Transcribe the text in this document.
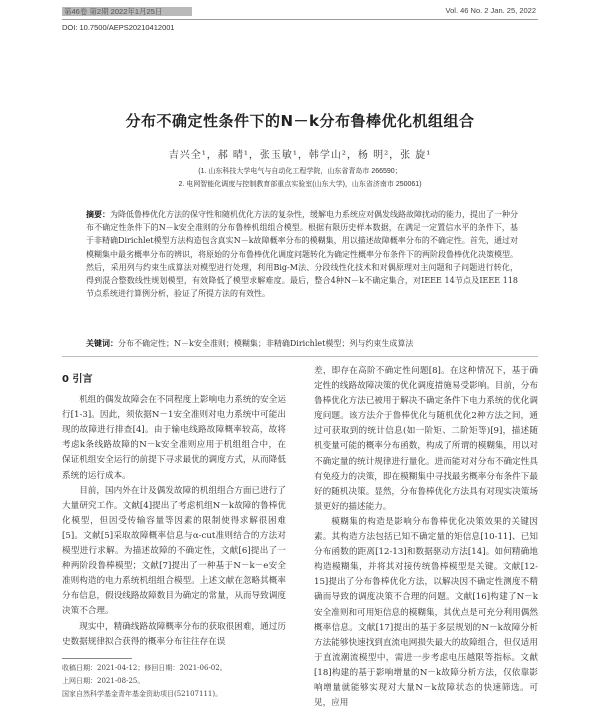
第46卷 第2期 2022年1月25日	Vol. 46 No. 2 Jan. 25, 2022
DOI: 10.7500/AEPS20210412001
分布不确定性条件下的N－k分布鲁棒优化机组组合
吉兴全¹，郝 晴¹，张玉敏¹，韩学山²，杨 明²，张 旋¹
(1. 山东科技大学电气与自动化工程学院，山东省青岛市 266590；
2. 电网智能化调度与控制教育部重点实验室(山东大学)，山东省济南市 250061)
摘要：为降低鲁棒优化方法的保守性和随机优化方法的复杂性，缓解电力系统应对偶发线路故障扰动的能力，提出了一种分布不确定性条件下的N－k安全准则的分布鲁棒机组组合模型。根据有限历史样本数据，在满足一定置信水平的条件下，基于非精确Dirichlet模型方法构造包含真实N－k故障概率分布的模糊集，用以描述故障概率分布的不确定性。首先，通过对模糊集中最劣概率分布的辨识，将原始的分布鲁棒优化调度问题转化为确定性概率分布条件下的两阶段鲁棒优化决策模型。然后，采用列与约束生成算法对模型进行处理，利用Big-M法、分段线性化技术和对偶原理对主问题和子问题进行转化，得到混合整数线性规划模型，有效降低了模型求解难度。最后，整合4种N－k不确定集合，对IEEE 14节点及IEEE 118节点系统进行算例分析，验证了所提方法的有效性。
关键词：分布不确定性；N－k安全准则；模糊集；非精确Dirichlet模型；列与约束生成算法
0 引言

机组的偶发故障会在不同程度上影响电力系统的安全运行[1-3]。因此，须依据N－1安全准则对电力系统中可能出现的故障进行排查[4]。由于输电线路故障概率较高，故将考虑k条线路故障的N－k安全准则应用于机组组合中，在保证机组安全运行的前提下寻求最优的调度方式，从而降低系统的运行成本。

目前，国内外在计及偶发故障的机组组合方面已进行了大量研究工作。文献[4]提出了考虑机组N－k故障的鲁棒优化模型，但因受传输容量等因素的限制使得求解很困难[5]。文献[5]采取故障概率信息与α-cut准则结合的方法对模型进行求解。为描述故障的不确定性，文献[6]提出了一种两阶段鲁棒模型；文献[7]提出了一种基于N－k－e安全准则构造的电力系统机组组合模型。上述文献在忽略其概率分布信息，假设线路故障数目为确定的常量，从而导致调度决策不合理。

现实中，精确线路故障概率分布的获取很困难，通过历史数据规律拟合获得的概率分布往往存在误

差，即存在高阶不确定性问题[8]。在这种情况下，基于确定性的线路故障决策的优化调度措施易受影响。目前，分布鲁棒优化方法已被用于解决不确定条件下电力系统的优化调度问题。该方法介于鲁棒优化与随机优化2种方法之间，通过可获取到的统计信息(如一阶矩、二阶矩等)[9]，描述随机变量可能的概率分布函数，构成了所谓的模糊集，用以对不确定量的统计规律进行量化。进而能对对分布不确定性具有免疫力的决策，即在模糊集中寻找最劣概率分布条件下最好的随机决策。显然，分布鲁棒优化方法具有对现实决策场景更好的描述能力。

模糊集的构造是影响分布鲁棒优化决策效果的关键因素。其构造方法包括已知不确定量的矩信息[10-11]、已知分布函数的距离[12-13]和数据驱动方法[14]。如何精确地构造模糊集，并将其对接传统鲁棒模型是关键。文献[12-15]提出了分布鲁棒优化方法，以解决因不确定性测度不精确而导致的调度决策不合理的问题。文献[16]构建了N－k安全准则和可用矩信息的模糊集，其优点是可充分利用偶然概率信息。文献[17]提出的基于多层规划的N－k故障分析方法能够快速找到直流电网损失最大的故障组合，但仅适用于直流潮流模型中，需进一步考虑电压越限等指标。文献[18]构建的基于影响增量的N－k故障分析方法，仅依靠影响增量就能够实现对大量N－k故障状态的快速筛选。可见，应用

收稿日期：2021-04-12；修回日期：2021-06-02。
上网日期：2021-08-25。
国家自然科学基金青年基金资助项目(52107111)。
